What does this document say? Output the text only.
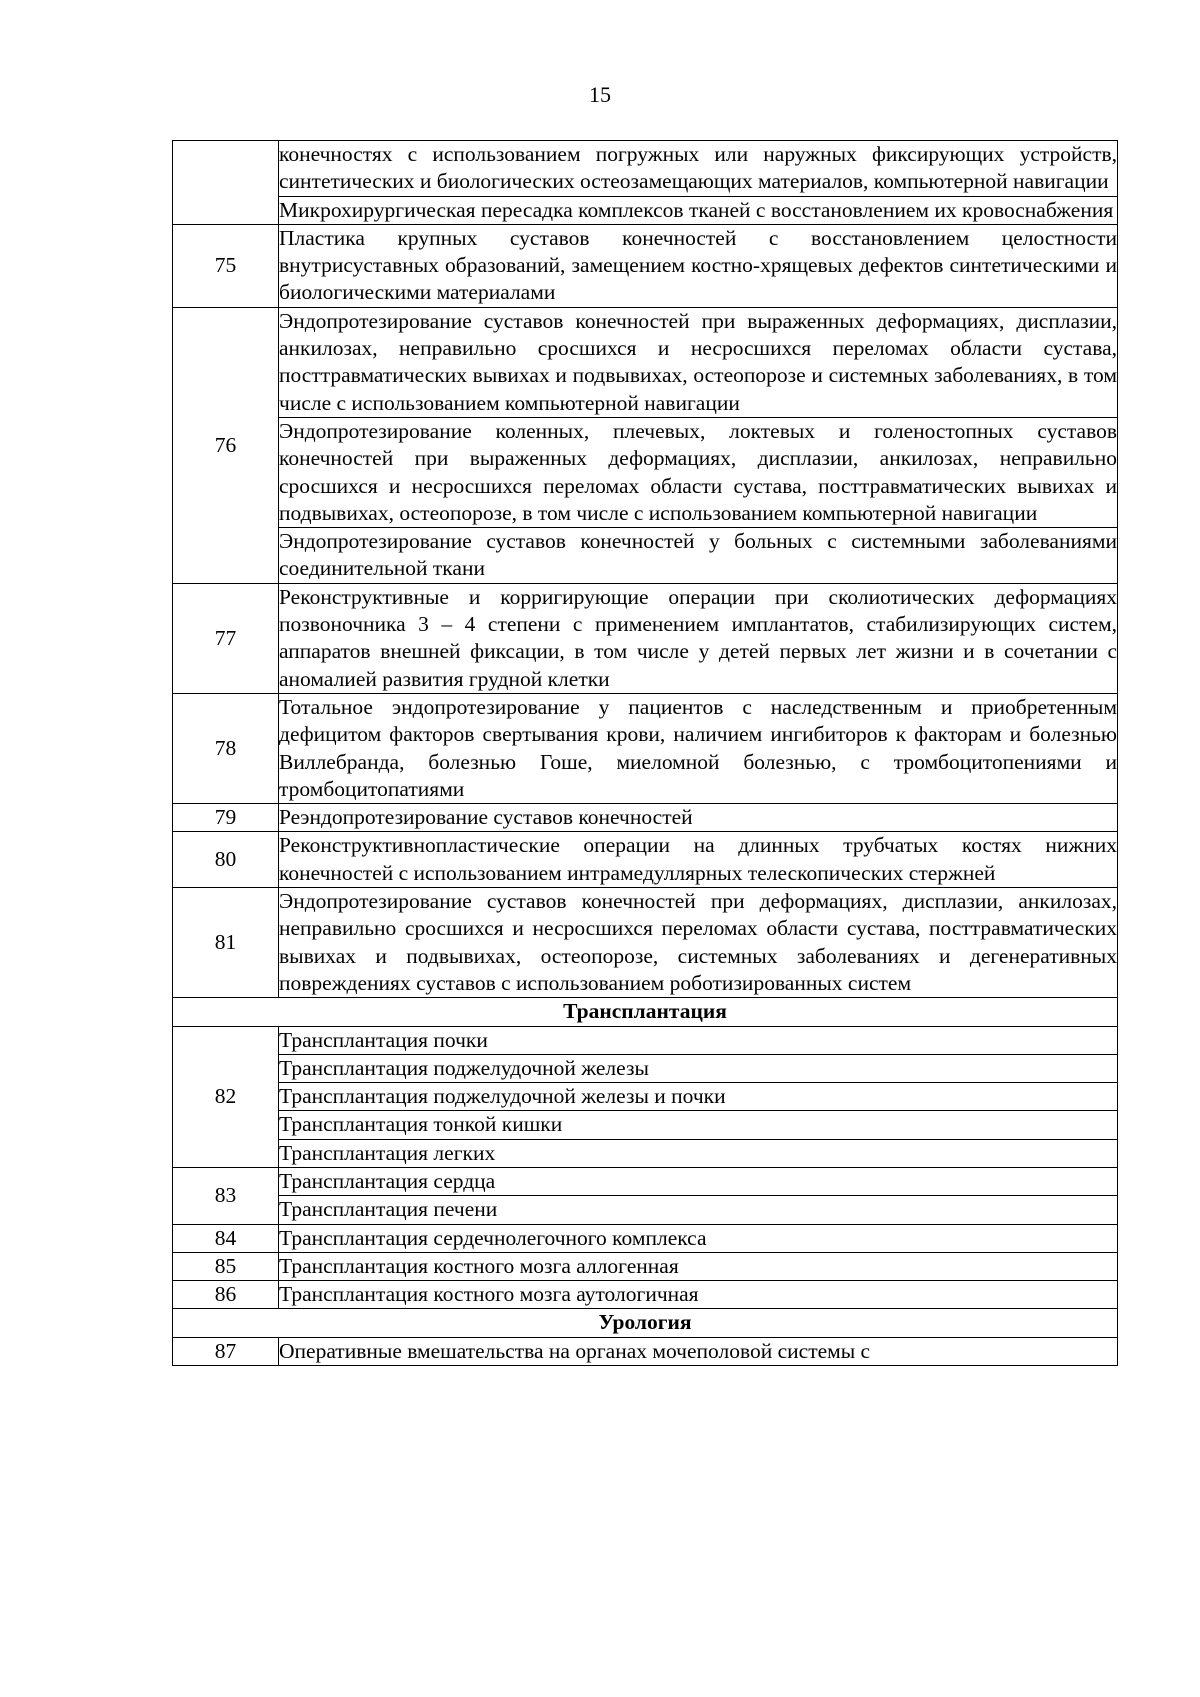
15
	конечностях с использованием погружных или наружных фиксирующих устройств, синтетических и биологических остеозамещающих материалов, компьютерной навигации
	Микрохирургическая пересадка комплексов тканей с восстановлением их кровоснабжения
75	Пластика крупных суставов конечностей с восстановлением целостности внутрисуставных образований, замещением костно-хрящевых дефектов синтетическими и биологическими материалами
76	Эндопротезирование суставов конечностей при выраженных деформациях, дисплазии, анкилозах, неправильно сросшихся и несросшихся переломах области сустава, посттравматических вывихах и подвывихах, остеопорозе и системных заболеваниях, в том числе с использованием компьютерной навигации
	Эндопротезирование коленных, плечевых, локтевых и голеностопных суставов конечностей при выраженных деформациях, дисплазии, анкилозах, неправильно сросшихся и несросшихся переломах области сустава, посттравматических вывихах и подвывихах, остеопорозе, в том числе с использованием компьютерной навигации
	Эндопротезирование суставов конечностей у больных с системными заболеваниями соединительной ткани
77	Реконструктивные и корригирующие операции при сколиотических деформациях позвоночника 3 – 4 степени с применением имплантатов, стабилизирующих систем, аппаратов внешней фиксации, в том числе у детей первых лет жизни и в сочетании с аномалией развития грудной клетки
78	Тотальное эндопротезирование у пациентов с наследственным и приобретенным дефицитом факторов свертывания крови, наличием ингибиторов к факторам и болезнью Виллебранда, болезнью Гоше, миеломной болезнью, с тромбоцитопениями и тромбоцитопатиями
79	Реэндопротезирование суставов конечностей
80	Реконструктивнопластические операции на длинных трубчатых костях нижних конечностей с использованием интрамедуллярных телескопических стержней
81	Эндопротезирование суставов конечностей при деформациях, дисплазии, анкилозах, неправильно сросшихся и несросшихся переломах области сустава, посттравматических вывихах и подвывихах, остеопорозе, системных заболеваниях и дегенеративных повреждениях суставов с использованием роботизированных систем
Трансплантация	
82	Трансплантация почки
	Трансплантация поджелудочной железы
	Трансплантация поджелудочной железы и почки
	Трансплантация тонкой кишки
	Трансплантация легких
83	Трансплантация сердца
	Трансплантация печени
84	Трансплантация сердечнолегочного комплекса
85	Трансплантация костного мозга аллогенная
86	Трансплантация костного мозга аутологичная
Урология	
87	Оперативные вмешательства на органах мочеполовой системы с
